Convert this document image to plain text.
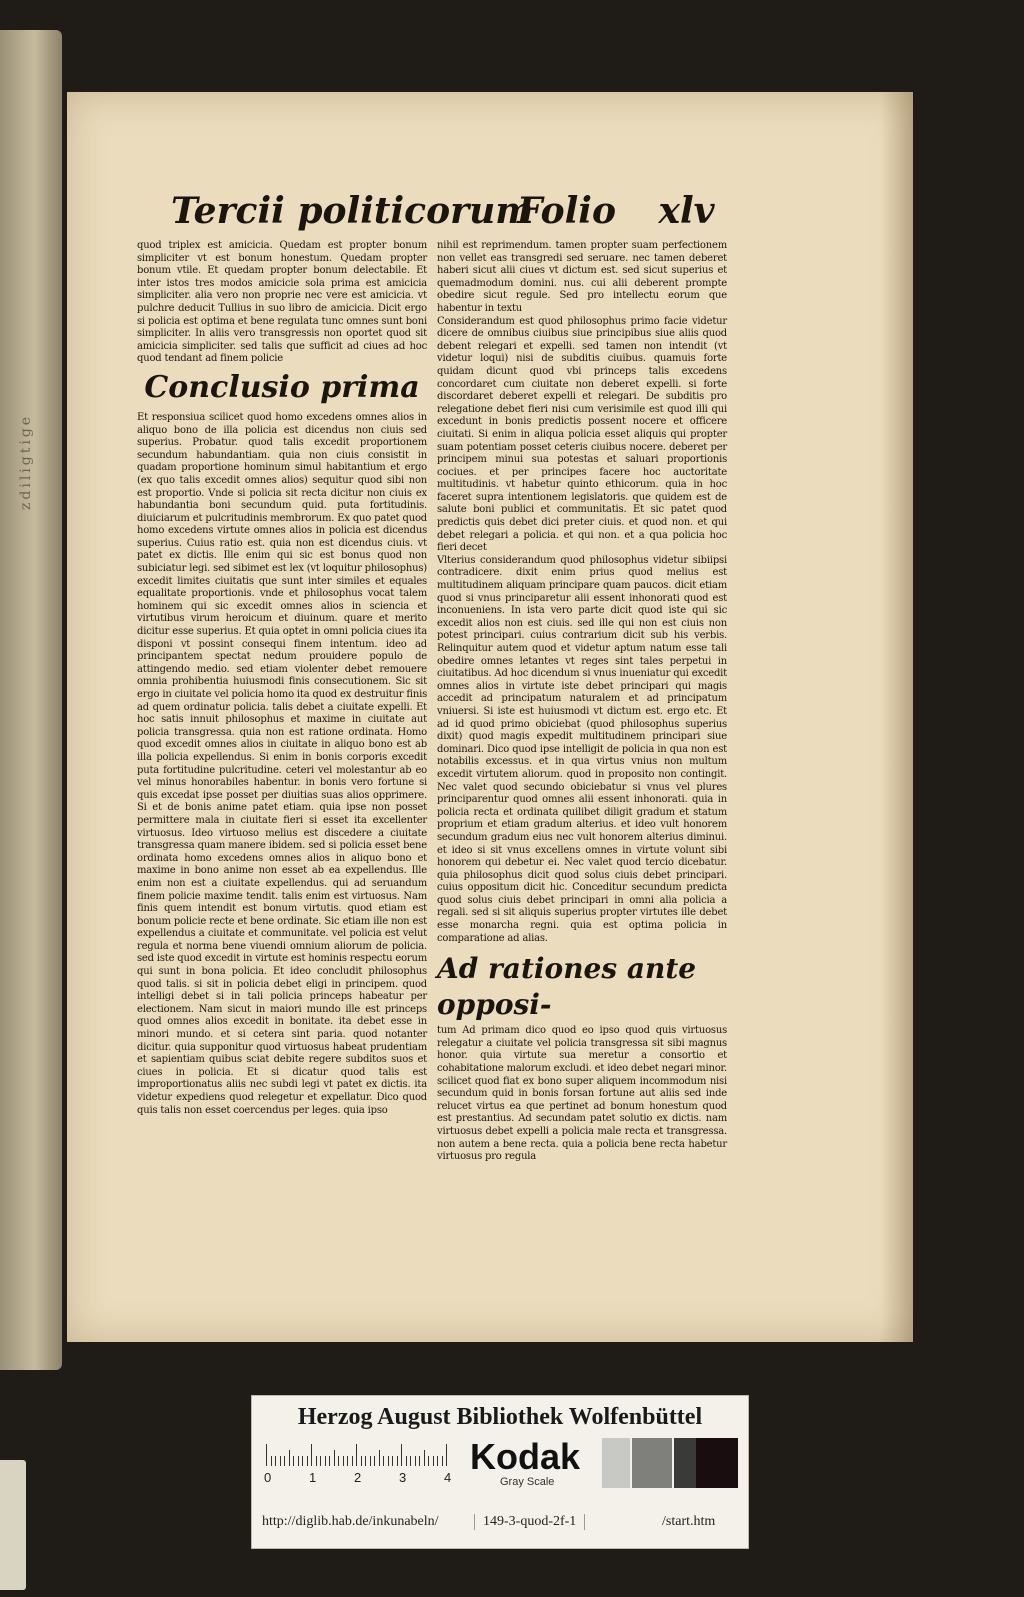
zdiligtige
Tercii politicorum
Folio xlv

quod triplex est amicicia. Quedam est propter bonum simpliciter vt est bonum honestum. Quedam propter bonum vtile. Et quedam propter bonum delectabile. Et inter istos tres modos amicicie sola prima est amicicia simpliciter. alia vero non proprie nec vere est amicicia. vt pulchre deducit Tullius in suo libro de amicicia. Dicit ergo si policia est optima et bene regulata tunc omnes sunt boni simpliciter. In aliis vero transgressis non oportet quod sit amicicia simpliciter. sed talis que sufficit ad ciues ad hoc quod tendant ad finem policie

Conclusio prima

Et responsiua scilicet quod homo excedens omnes alios in aliquo bono de illa policia est dicendus non ciuis sed superius. Probatur. quod talis excedit proportionem secundum habundantiam. quia non ciuis consistit in quadam proportione hominum simul habitantium et ergo (ex quo talis excedit omnes alios) sequitur quod sibi non est proportio. Vnde si policia sit recta dicitur non ciuis ex habundantia boni secundum quid. puta fortitudinis. diuiciarum et pulcritudinis membrorum. Ex quo patet quod homo excedens virtute omnes alios in policia est dicendus superius. Cuius ratio est. quia non est dicendus ciuis. vt patet ex dictis. Ille enim qui sic est bonus quod non subiciatur legi. sed sibimet est lex (vt loquitur philosophus) excedit limites ciuitatis que sunt inter similes et equales equalitate proportionis. vnde et philosophus vocat talem hominem qui sic excedit omnes alios in sciencia et virtutibus virum heroicum et diuinum. quare et merito dicitur esse superius. Et quia optet in omni policia ciues ita disponi vt possint consequi finem intentum. ideo ad principantem spectat nedum prouidere populo de attingendo medio. sed etiam violenter debet remouere omnia prohibentia huiusmodi finis consecutionem. Sic sit ergo in ciuitate vel policia homo ita quod ex destruitur finis ad quem ordinatur policia. talis debet a ciuitate expelli. Et hoc satis innuit philosophus et maxime in ciuitate aut policia transgressa. quia non est ratione ordinata. Homo quod excedit omnes alios in ciuitate in aliquo bono est ab illa policia expellendus. Si enim in bonis corporis excedit puta fortitudine pulcritudine. ceteri vel molestantur ab eo vel minus honorabiles habentur. in bonis vero fortune si quis excedat ipse posset per diuitias suas alios opprimere. Si et de bonis anime patet etiam. quia ipse non posset permittere mala in ciuitate fieri si esset ita excellenter virtuosus. Ideo virtuoso melius est discedere a ciuitate transgressa quam manere ibidem. sed si policia esset bene ordinata homo excedens omnes alios in aliquo bono et maxime in bono anime non esset ab ea expellendus. Ille enim non est a ciuitate expellendus. qui ad seruandum finem policie maxime tendit. talis enim est virtuosus. Nam finis quem intendit est bonum virtutis. quod etiam est bonum policie recte et bene ordinate. Sic etiam ille non est expellendus a ciuitate et communitate. vel policia est velut regula et norma bene viuendi omnium aliorum de policia. sed iste quod excedit in virtute est hominis respectu eorum qui sunt in bona policia. Et ideo concludit philosophus quod talis. si sit in policia debet eligi in principem. quod intelligi debet si in tali policia princeps habeatur per electionem. Nam sicut in maiori mundo ille est princeps quod omnes alios excedit in bonitate. ita debet esse in minori mundo. et si cetera sint paria. quod notanter dicitur. quia supponitur quod virtuosus habeat prudentiam et sapientiam quibus sciat debite regere subditos suos et ciues in policia. Et si dicatur quod talis est improportionatus aliis nec subdi legi vt patet ex dictis. ita videtur expediens quod relegetur et expellatur. Dico quod quis talis non esset coercendus per leges. quia ipso

nihil est reprimendum. tamen propter suam perfectionem non vellet eas transgredi sed seruare. nec tamen deberet haberi sicut alii ciues vt dictum est. sed sicut superius et quemadmodum domini. nus. cui alii deberent prompte obedire sicut regule. Sed pro intellectu eorum que habentur in textu

Considerandum est quod philosophus primo facie videtur dicere de omnibus ciuibus siue principibus siue aliis quod debent relegari et expelli. sed tamen non intendit (vt videtur loqui) nisi de subditis ciuibus. quamuis forte quidam dicunt quod vbi princeps talis excedens concordaret cum ciuitate non deberet expelli. si forte discordaret deberet expelli et relegari. De subditis pro relegatione debet fieri nisi cum verisimile est quod illi qui excedunt in bonis predictis possent nocere et officere ciuitati. Si enim in aliqua policia esset aliquis qui propter suam potentiam posset ceteris ciuibus nocere. deberet per principem minui sua potestas et saluari proportionis cociues. et per principes facere hoc auctoritate multitudinis. vt habetur quinto ethicorum. quia in hoc faceret supra intentionem legislatoris. que quidem est de salute boni publici et communitatis. Et sic patet quod predictis quis debet dici preter ciuis. et quod non. et qui debet relegari a policia. et qui non. et a qua policia hoc fieri decet

Vlterius considerandum quod philosophus videtur sibiipsi contradicere. dixit enim prius quod melius est multitudinem aliquam principare quam paucos. dicit etiam quod si vnus principaretur alii essent inhonorati quod est inconueniens. In ista vero parte dicit quod iste qui sic excedit alios non est ciuis. sed ille qui non est ciuis non potest principari. cuius contrarium dicit sub his verbis. Relinquitur autem quod et videtur aptum natum esse tali obedire omnes letantes vt reges sint tales perpetui in ciuitatibus. Ad hoc dicendum si vnus inueniatur qui excedit omnes alios in virtute iste debet principari qui magis accedit ad principatum naturalem et ad principatum vniuersi. Si iste est huiusmodi vt dictum est. ergo etc. Et ad id quod primo obiciebat (quod philosophus superius dixit) quod magis expedit multitudinem principari siue dominari. Dico quod ipse intelligit de policia in qua non est notabilis excessus. et in qua virtus vnius non multum excedit virtutem aliorum. quod in proposito non contingit. Nec valet quod secundo obiciebatur si vnus vel plures principarentur quod omnes alii essent inhonorati. quia in policia recta et ordinata quilibet diligit gradum et statum proprium et etiam gradum alterius. et ideo vult honorem secundum gradum eius nec vult honorem alterius diminui. et ideo si sit vnus excellens omnes in virtute volunt sibi honorem qui debetur ei. Nec valet quod tercio dicebatur. quia philosophus dicit quod solus ciuis debet principari. cuius oppositum dicit hic. Conceditur secundum predicta quod solus ciuis debet principari in omni alia policia a regali. sed si sit aliquis superius propter virtutes ille debet esse monarcha regni. quia est optima policia in comparatione ad alias.

Ad rationes ante opposi-

tum Ad primam dico quod eo ipso quod quis virtuosus relegatur a ciuitate vel policia transgressa sit sibi magnus honor. quia virtute sua meretur a consortio et cohabitatione malorum excludi. et ideo debet negari minor. scilicet quod fiat ex bono super aliquem incommodum nisi secundum quid in bonis forsan fortune aut aliis sed inde relucet virtus ea que pertinet ad bonum honestum quod est prestantius. Ad secundam patet solutio ex dictis. nam virtuosus debet expelli a policia male recta et transgressa. non autem a bene recta. quia a policia bene recta habetur virtuosus pro regula

Herzog August Bibliothek Wolfenbüttel
0	1	2	3	4
Kodak
Gray Scale
http://diglib.hab.de/inkunabeln/	149-3-quod-2f-1	/start.htm
